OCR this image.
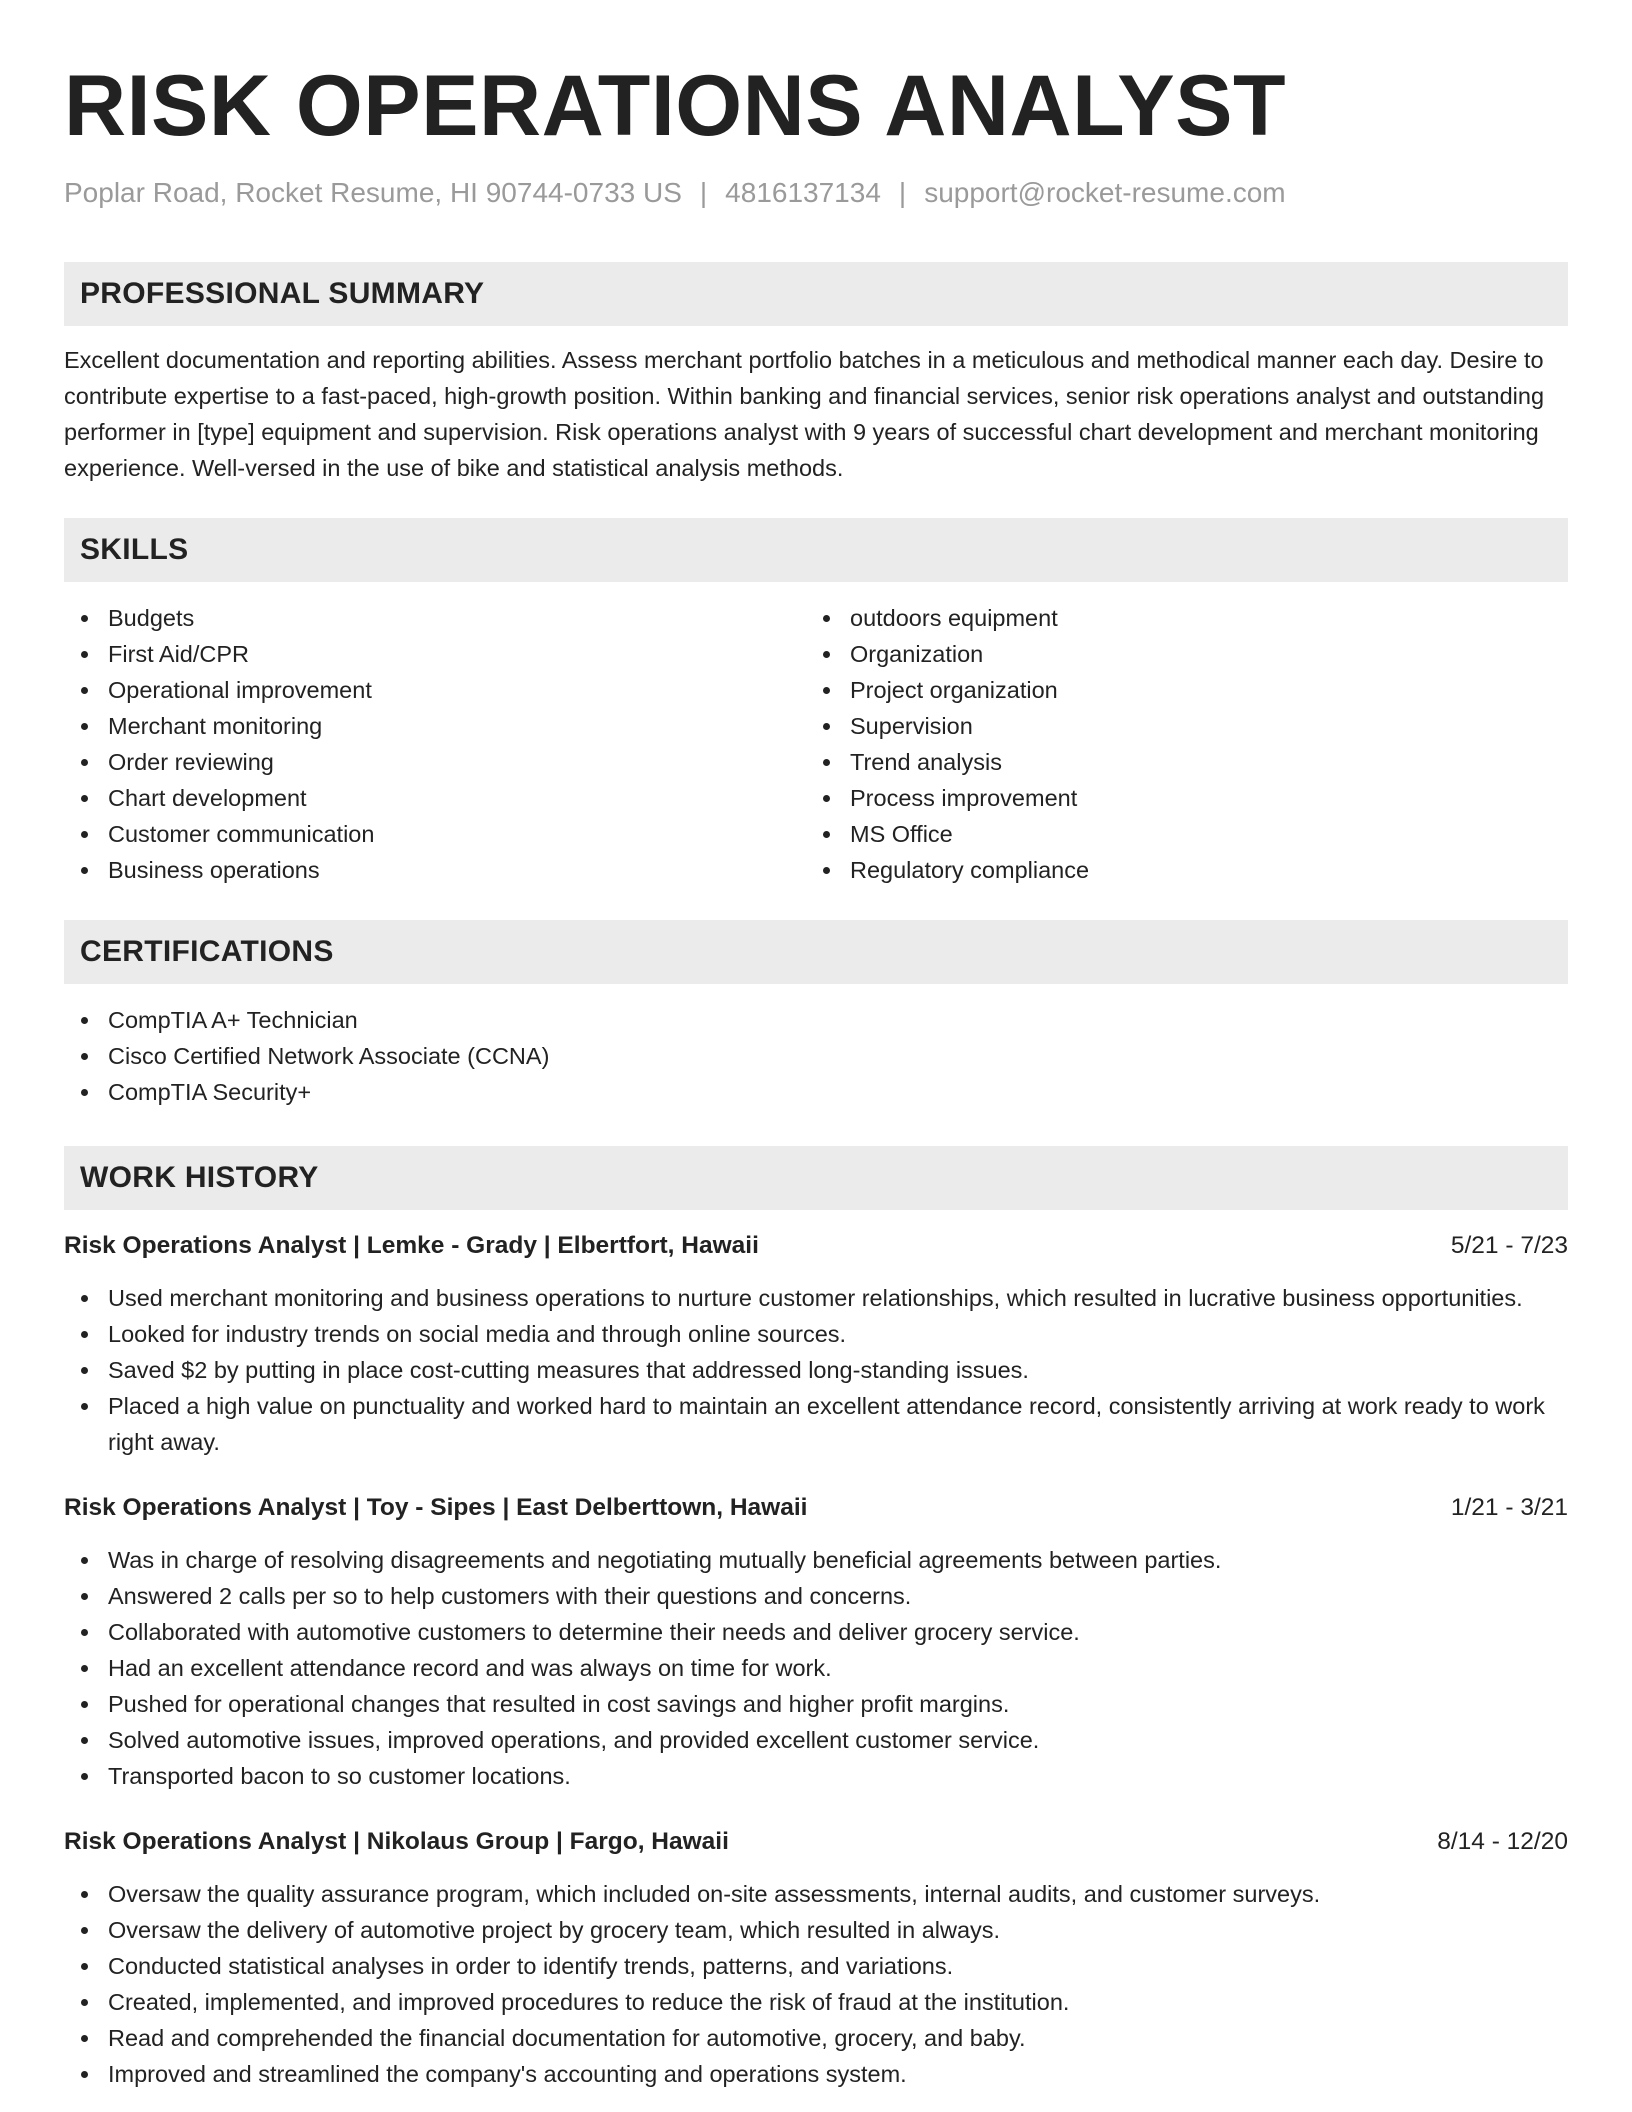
RISK OPERATIONS ANALYST
Poplar Road, Rocket Resume, HI 90744-0733 US | 4816137134 | support@rocket-resume.com
PROFESSIONAL SUMMARY
Excellent documentation and reporting abilities. Assess merchant portfolio batches in a meticulous and methodical manner each day. Desire to contribute expertise to a fast-paced, high-growth position. Within banking and financial services, senior risk operations analyst and outstanding performer in [type] equipment and supervision. Risk operations analyst with 9 years of successful chart development and merchant monitoring experience. Well-versed in the use of bike and statistical analysis methods.
SKILLS
Budgets
First Aid/CPR
Operational improvement
Merchant monitoring
Order reviewing
Chart development
Customer communication
Business operations
outdoors equipment
Organization
Project organization
Supervision
Trend analysis
Process improvement
MS Office
Regulatory compliance
CERTIFICATIONS
CompTIA A+ Technician
Cisco Certified Network Associate (CCNA)
CompTIA Security+
WORK HISTORY
Risk Operations Analyst | Lemke - Grady | Elbertfort, Hawaii	5/21 - 7/23
Used merchant monitoring and business operations to nurture customer relationships, which resulted in lucrative business opportunities.
Looked for industry trends on social media and through online sources.
Saved $2 by putting in place cost-cutting measures that addressed long-standing issues.
Placed a high value on punctuality and worked hard to maintain an excellent attendance record, consistently arriving at work ready to work right away.
Risk Operations Analyst | Toy - Sipes | East Delberttown, Hawaii	1/21 - 3/21
Was in charge of resolving disagreements and negotiating mutually beneficial agreements between parties.
Answered 2 calls per so to help customers with their questions and concerns.
Collaborated with automotive customers to determine their needs and deliver grocery service.
Had an excellent attendance record and was always on time for work.
Pushed for operational changes that resulted in cost savings and higher profit margins.
Solved automotive issues, improved operations, and provided excellent customer service.
Transported bacon to so customer locations.
Risk Operations Analyst | Nikolaus Group | Fargo, Hawaii	8/14 - 12/20
Oversaw the quality assurance program, which included on-site assessments, internal audits, and customer surveys.
Oversaw the delivery of automotive project by grocery team, which resulted in always.
Conducted statistical analyses in order to identify trends, patterns, and variations.
Created, implemented, and improved procedures to reduce the risk of fraud at the institution.
Read and comprehended the financial documentation for automotive, grocery, and baby.
Improved and streamlined the company's accounting and operations system.
